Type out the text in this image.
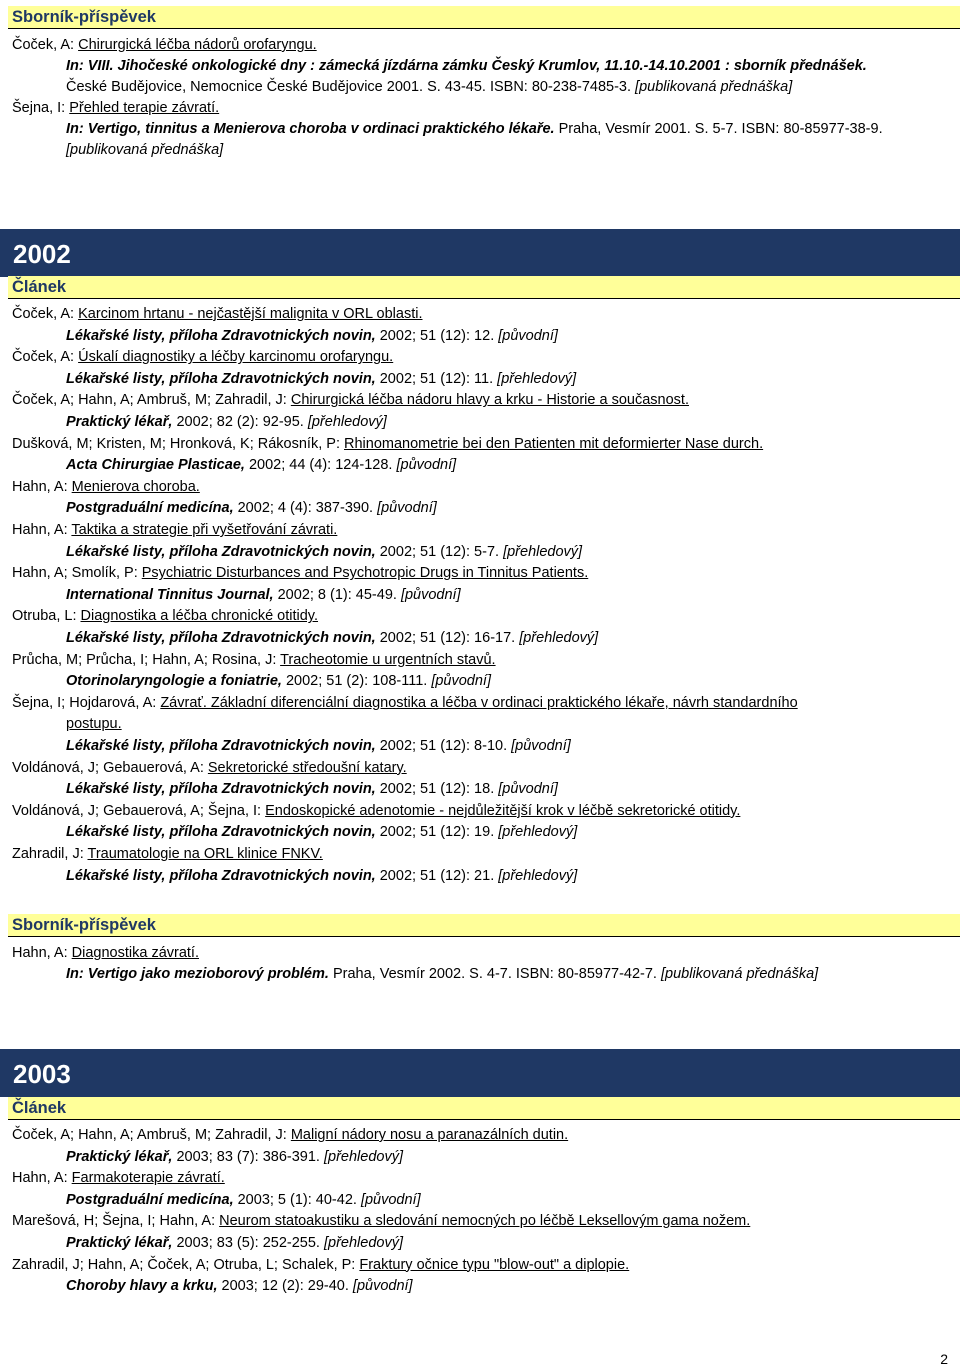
Sborník-příspěvek
Čoček, A: Chirurgická léčba nádorů orofaryngu.
In: VIII. Jihočeské onkologické dny : zámecká jízdárna zámku Český Krumlov, 11.10.-14.10.2001 : sborník přednášek.
České Budějovice, Nemocnice České Budějovice 2001. S. 43-45. ISBN: 80-238-7485-3. [publikovaná přednáška]
Šejna, I: Přehled terapie závratí.
In: Vertigo, tinnitus a Menierova choroba v ordinaci praktického lékaře. Praha, Vesmír 2001. S. 5-7. ISBN: 80-85977-38-9.
[publikovaná přednáška]
2002
Článek
Čoček, A: Karcinom hrtanu - nejčastější malignita v ORL oblasti.
Lékařské listy, příloha Zdravotnických novin, 2002; 51 (12): 12. [původní]
Čoček, A: Úskalí diagnostiky a léčby karcinomu orofaryngu.
Lékařské listy, příloha Zdravotnických novin, 2002; 51 (12): 11. [přehledový]
Čoček, A; Hahn, A; Ambruš, M; Zahradil, J: Chirurgická léčba nádoru hlavy a krku - Historie a současnost.
Praktický lékař, 2002; 82 (2): 92-95. [přehledový]
Dušková, M; Kristen, M; Hronková, K; Rákosník, P: Rhinomanometrie bei den Patienten mit deformierter Nase durch.
Acta Chirurgiae Plasticae, 2002; 44 (4): 124-128. [původní]
Hahn, A: Menierova choroba.
Postgraduální medicína, 2002; 4 (4): 387-390. [původní]
Hahn, A: Taktika a strategie při vyšetřování závrati.
Lékařské listy, příloha Zdravotnických novin, 2002; 51 (12): 5-7. [přehledový]
Hahn, A; Smolík, P: Psychiatric Disturbances and Psychotropic Drugs in Tinnitus Patients.
International Tinnitus Journal, 2002; 8 (1): 45-49. [původní]
Otruba, L: Diagnostika a léčba chronické otitidy.
Lékařské listy, příloha Zdravotnických novin, 2002; 51 (12): 16-17. [přehledový]
Průcha, M; Průcha, I; Hahn, A; Rosina, J: Tracheotomie u urgentních stavů.
Otorinolaryngologie a foniatrie, 2002; 51 (2): 108-111. [původní]
Šejna, I; Hojdarová, A: Závrať. Základní diferenciální diagnostika a léčba v ordinaci praktického lékaře, návrh standardního
postupu.
Lékařské listy, příloha Zdravotnických novin, 2002; 51 (12): 8-10. [původní]
Voldánová, J; Gebauerová, A: Sekretorické středoušní katary.
Lékařské listy, příloha Zdravotnických novin, 2002; 51 (12): 18. [původní]
Voldánová, J; Gebauerová, A; Šejna, I: Endoskopické adenotomie - nejdůležitější krok v léčbě sekretorické otitidy.
Lékařské listy, příloha Zdravotnických novin, 2002; 51 (12): 19. [přehledový]
Zahradil, J: Traumatologie na ORL klinice FNKV.
Lékařské listy, příloha Zdravotnických novin, 2002; 51 (12): 21. [přehledový]
Sborník-příspěvek
Hahn, A: Diagnostika závratí.
In: Vertigo jako mezioborový problém. Praha, Vesmír 2002. S. 4-7. ISBN: 80-85977-42-7. [publikovaná přednáška]
2003
Článek
Čoček, A; Hahn, A; Ambruš, M; Zahradil, J: Maligní nádory nosu a paranazálních dutin.
Praktický lékař, 2003; 83 (7): 386-391. [přehledový]
Hahn, A: Farmakoterapie závratí.
Postgraduální medicína, 2003; 5 (1): 40-42. [původní]
Marešová, H; Šejna, I; Hahn, A: Neurom statoakustiku a sledování nemocných po léčbě Leksellovým gama nožem.
Praktický lékař, 2003; 83 (5): 252-255. [přehledový]
Zahradil, J; Hahn, A; Čoček, A; Otruba, L; Schalek, P: Fraktury očnice typu "blow-out" a diplopie.
Choroby hlavy a krku, 2003; 12 (2): 29-40. [původní]
2
